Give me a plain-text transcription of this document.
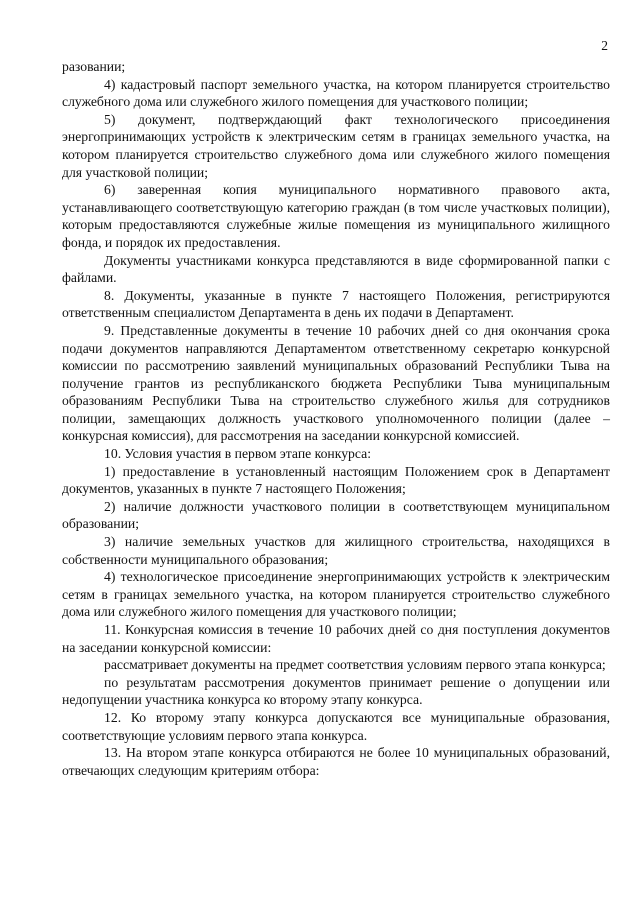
2

разовании;

4) кадастровый паспорт земельного участка, на котором планируется строительство служебного дома или служебного жилого помещения для участкового полиции;

5) документ, подтверждающий факт технологического присоединения энергопринимающих устройств к электрическим сетям в границах земельного участка, на котором планируется строительство служебного дома или служебного жилого помещения для участковой полиции;

6) заверенная копия муниципального нормативного правового акта, устанавливающего соответствующую категорию граждан (в том числе участковых полиции), которым предоставляются служебные жилые помещения из муниципального жилищного фонда, и порядок их предоставления.

Документы участниками конкурса представляются в виде сформированной папки с файлами.

8. Документы, указанные в пункте 7 настоящего Положения, регистрируются ответственным специалистом Департамента в день их подачи в Департамент.

9. Представленные документы в течение 10 рабочих дней со дня окончания срока подачи документов направляются Департаментом ответственному секретарю конкурсной комиссии по рассмотрению заявлений муниципальных образований Республики Тыва на получение грантов из республиканского бюджета Республики Тыва муниципальным образованиям Республики Тыва на строительство служебного жилья для сотрудников полиции, замещающих должность участкового уполномоченного полиции (далее – конкурсная комиссия), для рассмотрения на заседании конкурсной комиссией.

10. Условия участия в первом этапе конкурса:

1) предоставление в установленный настоящим Положением срок в Департамент документов, указанных в пункте 7 настоящего Положения;

2) наличие должности участкового полиции в соответствующем муниципальном образовании;

3) наличие земельных участков для жилищного строительства, находящихся в собственности муниципального образования;

4) технологическое присоединение энергопринимающих устройств к электрическим сетям в границах земельного участка, на котором планируется строительство служебного дома или служебного жилого помещения для участкового полиции;

11. Конкурсная комиссия в течение 10 рабочих дней со дня поступления документов на заседании конкурсной комиссии:

рассматривает документы на предмет соответствия условиям первого этапа конкурса;

по результатам рассмотрения документов принимает решение о допущении или недопущении участника конкурса ко второму этапу конкурса.

12. Ко второму этапу конкурса допускаются все муниципальные образования, соответствующие условиям первого этапа конкурса.

13. На втором этапе конкурса отбираются не более 10 муниципальных образований, отвечающих следующим критериям отбора:
